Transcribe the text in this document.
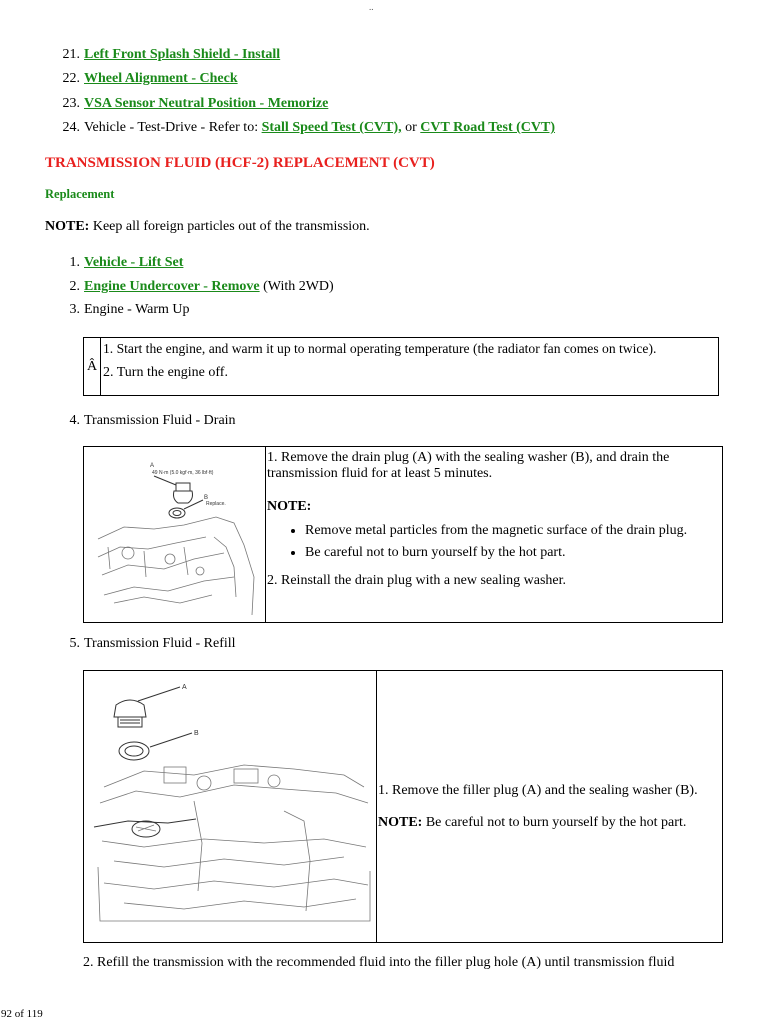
..
21. Left Front Splash Shield - Install
22. Wheel Alignment - Check
23. VSA Sensor Neutral Position - Memorize
24. Vehicle - Test-Drive - Refer to: Stall Speed Test (CVT), or CVT Road Test (CVT)
TRANSMISSION FLUID (HCF-2) REPLACEMENT (CVT)
Replacement
NOTE: Keep all foreign particles out of the transmission.
1. Vehicle - Lift Set
2. Engine Undercover - Remove (With 2WD)
3. Engine - Warm Up
Â	
1. Start the engine, and warm it up to normal operating temperature (the radiator fan comes on twice).
2. Turn the engine off.
4. Transmission Fluid - Drain
A
49 N·m (5.0 kgf·m, 36 lbf·ft)
B
Replace.

1. Remove the drain plug (A) with the sealing washer (B), and drain the transmission fluid for at least 5 minutes.
NOTE:
• Remove metal particles from the magnetic surface of the drain plug.
• Be careful not to burn yourself by the hot part.
2. Reinstall the drain plug with a new sealing washer.
5. Transmission Fluid - Refill
A
B

1. Remove the filler plug (A) and the sealing washer (B).
NOTE: Be careful not to burn yourself by the hot part.
2. Refill the transmission with the recommended fluid into the filler plug hole (A) until transmission fluid
92 of 119
